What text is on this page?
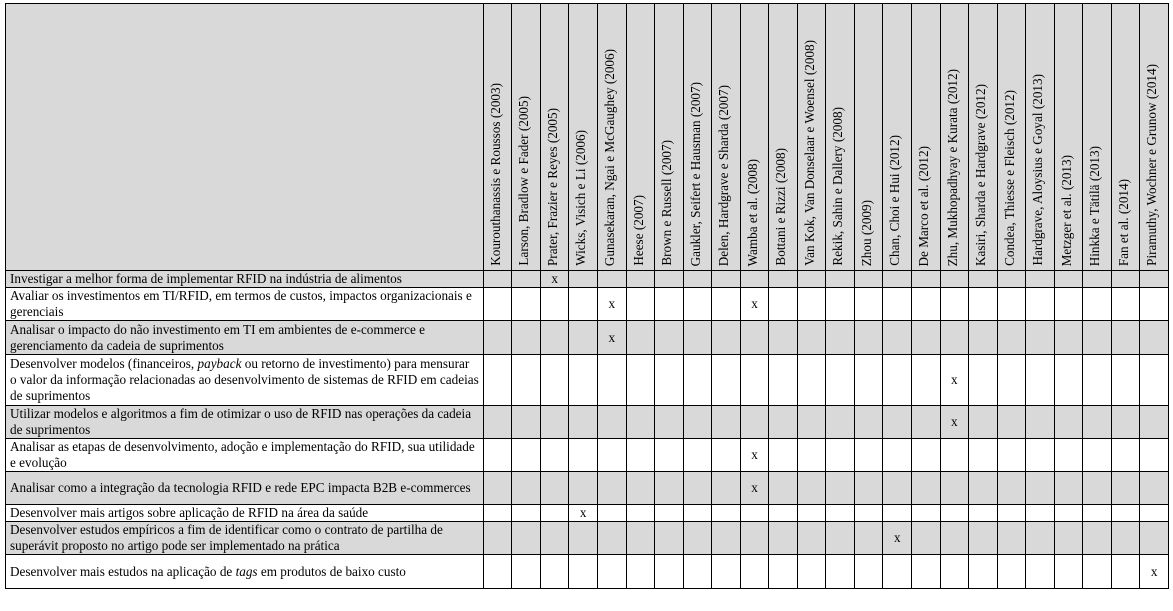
	Kourouthanassis e Roussos (2003)	Larson, Bradlow e Fader (2005)	Prater, Frazier e Reyes (2005)	Wicks, Visich e Li (2006)	Gunasekaran, Ngai e McGaughey (2006)	Heese (2007)	Brown e Russell (2007)	Gaukler, Seifert e Hausman (2007)	Delen, Hardgrave e Sharda (2007)	Wamba et al. (2008)	Bottani e Rizzi (2008)	Van Kok, Van Donselaar e Woensel (2008)	Rekik, Sahin e Dallery (2008)	Zhou (2009)	Chan, Choi e Hui (2012)	De Marco et al. (2012)	Zhu, Mukhopadhyay e Kurata (2012)	Kasiri, Sharda e Hardgrave (2012)	Condea, Thiesse e Fleisch (2012)	Hardgrave, Aloysius e Goyal (2013)	Metzger et al. (2013)	Hinkka e Tätilä (2013)	Fan et al. (2014)	Piramuthy, Wochner e Grunow (2014)

Investigar a melhor forma de implementar RFID na indústria de alimentos			x																					
Avaliar os investimentos em TI/RFID, em termos de custos, impactos organizacionais e gerenciais					x					x														
Analisar o impacto do não investimento em TI em ambientes de e-commerce e gerenciamento da cadeia de suprimentos					x																			
Desenvolver modelos (financeiros, payback ou retorno de investimento) para mensurar o valor da informação relacionadas ao desenvolvimento de sistemas de RFID em cadeias de suprimentos																	x							
Utilizar modelos e algoritmos a fim de otimizar o uso de RFID nas operações da cadeia de suprimentos																	x							
Analisar as etapas de desenvolvimento, adoção e implementação do RFID, sua utilidade e evolução										x														
Analisar como a integração da tecnologia RFID e rede EPC impacta B2B e-commerces										x														
Desenvolver mais artigos sobre aplicação de RFID na área da saúde				x																				
Desenvolver estudos empíricos a fim de identificar como o contrato de partilha de superávit proposto no artigo pode ser implementado na prática															x									
Desenvolver mais estudos na aplicação de tags em produtos de baixo custo																								x
